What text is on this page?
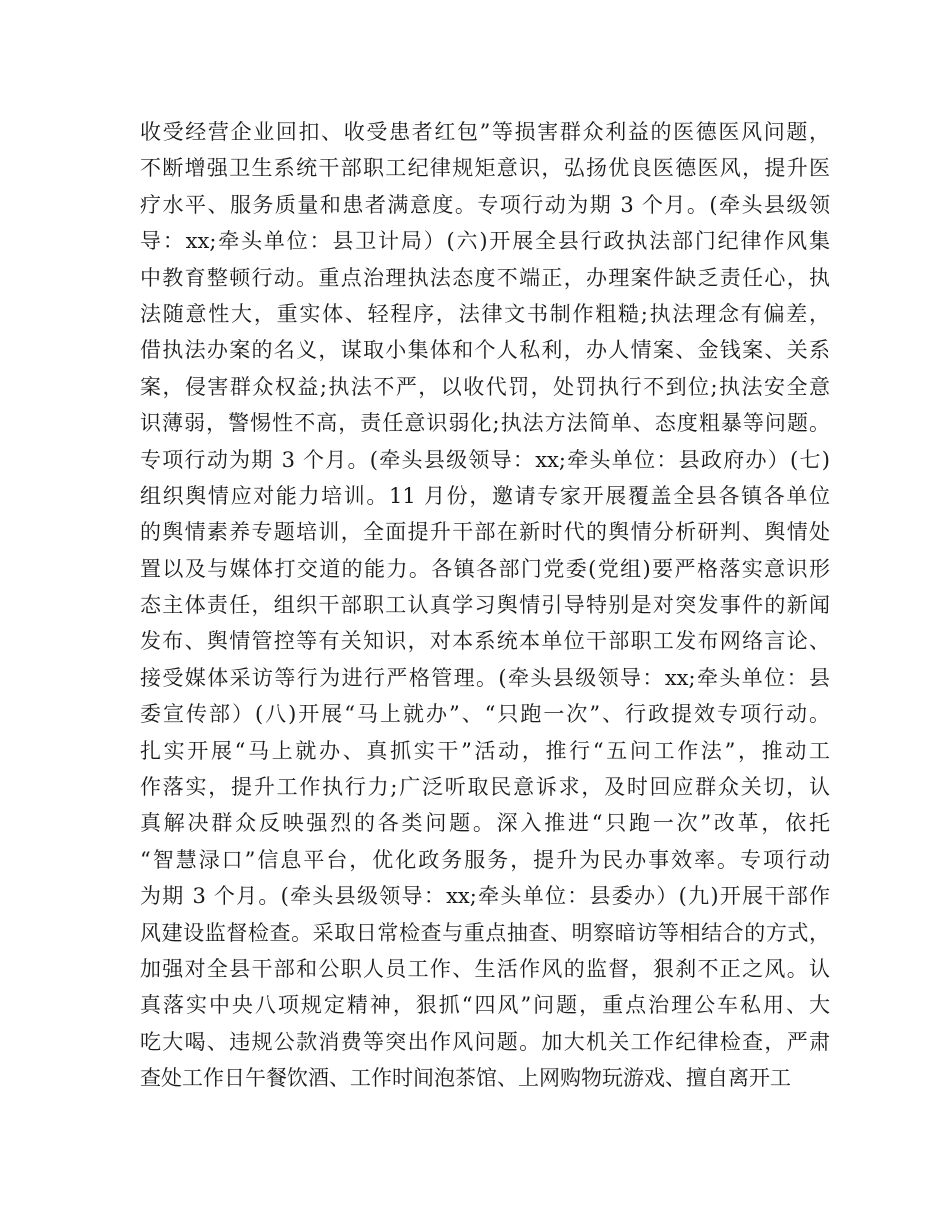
收受经营企业回扣、收受患者红包”等损害群众利益的医德医风问题，
不断增强卫生系统干部职工纪律规矩意识，弘扬优良医德医风，提升医
疗水平、服务质量和患者满意度。专项行动为期 3 个月。(牵头县级领
导：xx;牵头单位：县卫计局）(六)开展全县行政执法部门纪律作风集
中教育整顿行动。重点治理执法态度不端正，办理案件缺乏责任心，执
法随意性大，重实体、轻程序，法律文书制作粗糙;执法理念有偏差，
借执法办案的名义，谋取小集体和个人私利，办人情案、金钱案、关系
案，侵害群众权益;执法不严，以收代罚，处罚执行不到位;执法安全意
识薄弱，警惕性不高，责任意识弱化;执法方法简单、态度粗暴等问题。
专项行动为期 3 个月。(牵头县级领导：xx;牵头单位：县政府办）(七)
组织舆情应对能力培训。11 月份，邀请专家开展覆盖全县各镇各单位
的舆情素养专题培训，全面提升干部在新时代的舆情分析研判、舆情处
置以及与媒体打交道的能力。各镇各部门党委(党组)要严格落实意识形
态主体责任，组织干部职工认真学习舆情引导特别是对突发事件的新闻
发布、舆情管控等有关知识，对本系统本单位干部职工发布网络言论、
接受媒体采访等行为进行严格管理。(牵头县级领导：xx;牵头单位：县
委宣传部）(八)开展“马上就办”、“只跑一次”、行政提效专项行动。
扎实开展“马上就办、真抓实干”活动，推行“五问工作法”，推动工
作落实，提升工作执行力;广泛听取民意诉求，及时回应群众关切，认
真解决群众反映强烈的各类问题。深入推进“只跑一次”改革，依托
“智慧渌口”信息平台，优化政务服务，提升为民办事效率。专项行动
为期 3 个月。(牵头县级领导：xx;牵头单位：县委办）(九)开展干部作
风建设监督检查。采取日常检查与重点抽查、明察暗访等相结合的方式，
加强对全县干部和公职人员工作、生活作风的监督，狠刹不正之风。认
真落实中央八项规定精神，狠抓“四风”问题，重点治理公车私用、大
吃大喝、违规公款消费等突出作风问题。加大机关工作纪律检查，严肃
查处工作日午餐饮酒、工作时间泡茶馆、上网购物玩游戏、擅自离开工
